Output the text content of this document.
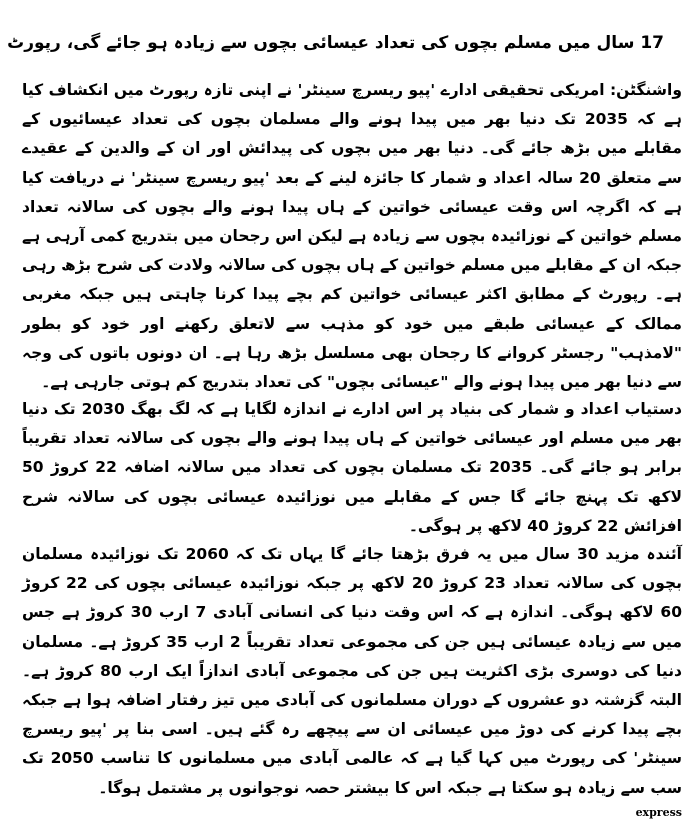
17 سال میں مسلم بچوں کی تعداد عیسائی بچوں سے زیادہ ہو جائے گی، رپورٹ

واشنگٹن: امریکی تحقیقی ادارے 'پیو ریسرچ سینٹر' نے اپنی تازہ رپورٹ میں انکشاف کیا ہے کہ 2035 تک دنیا بھر میں پیدا ہونے والے مسلمان بچوں کی تعداد عیسائیوں کے مقابلے میں بڑھ جائے گی۔ دنیا بھر میں بچوں کی پیدائش اور ان کے والدین کے عقیدے سے متعلق 20 سالہ اعداد و شمار کا جائزہ لینے کے بعد 'پیو ریسرچ سینٹر' نے دریافت کیا ہے کہ اگرچہ اس وقت عیسائی خواتین کے ہاں پیدا ہونے والے بچوں کی سالانہ تعداد مسلم خواتین کے نوزائیدہ بچوں سے زیادہ ہے لیکن اس رجحان میں بتدریج کمی آرہی ہے جبکہ ان کے مقابلے میں مسلم خواتین کے ہاں بچوں کی سالانہ ولادت کی شرح بڑھ رہی ہے۔ رپورٹ کے مطابق اکثر عیسائی خواتین کم بچے پیدا کرنا چاہتی ہیں جبکہ مغربی ممالک کے عیسائی طبقے میں خود کو مذہب سے لاتعلق رکھنے اور خود کو بطور "لامذہب" رجسٹر کروانے کا رجحان بھی مسلسل بڑھ رہا ہے۔ ان دونوں باتوں کی وجہ سے دنیا بھر میں پیدا ہونے والے "عیسائی بچوں" کی تعداد بتدریج کم ہوتی جارہی ہے۔

دستیاب اعداد و شمار کی بنیاد پر اس ادارے نے اندازہ لگایا ہے کہ لگ بھگ 2030 تک دنیا بھر میں مسلم اور عیسائی خواتین کے ہاں پیدا ہونے والے بچوں کی سالانہ تعداد تقریباً برابر ہو جائے گی۔ 2035 تک مسلمان بچوں کی تعداد میں سالانہ اضافہ 22 کروڑ 50 لاکھ تک پہنچ جائے گا جس کے مقابلے میں نوزائیدہ عیسائی بچوں کی سالانہ شرح افزائش 22 کروڑ 40 لاکھ پر ہوگی۔

آئندہ مزید 30 سال میں یہ فرق بڑھتا جائے گا یہاں تک کہ 2060 تک نوزائیدہ مسلمان بچوں کی سالانہ تعداد 23 کروڑ 20 لاکھ پر جبکہ نوزائیدہ عیسائی بچوں کی 22 کروڑ 60 لاکھ ہوگی۔ اندازہ ہے کہ اس وقت دنیا کی انسانی آبادی 7 ارب 30 کروڑ ہے جس میں سے زیادہ عیسائی ہیں جن کی مجموعی تعداد تقریباً 2 ارب 35 کروڑ ہے۔ مسلمان دنیا کی دوسری بڑی اکثریت ہیں جن کی مجموعی آبادی اندازاً ایک ارب 80 کروڑ ہے۔ البتہ گزشتہ دو عشروں کے دوران مسلمانوں کی آبادی میں تیز رفتار اضافہ ہوا ہے جبکہ بچے پیدا کرنے کی دوڑ میں عیسائی ان سے پیچھے رہ گئے ہیں۔ اسی بنا پر 'پیو ریسرچ سینٹر' کی رپورٹ میں کہا گیا ہے کہ عالمی آبادی میں مسلمانوں کا تناسب 2050 تک سب سے زیادہ ہو سکتا ہے جبکہ اس کا بیشتر حصہ نوجوانوں پر مشتمل ہوگا۔

express
